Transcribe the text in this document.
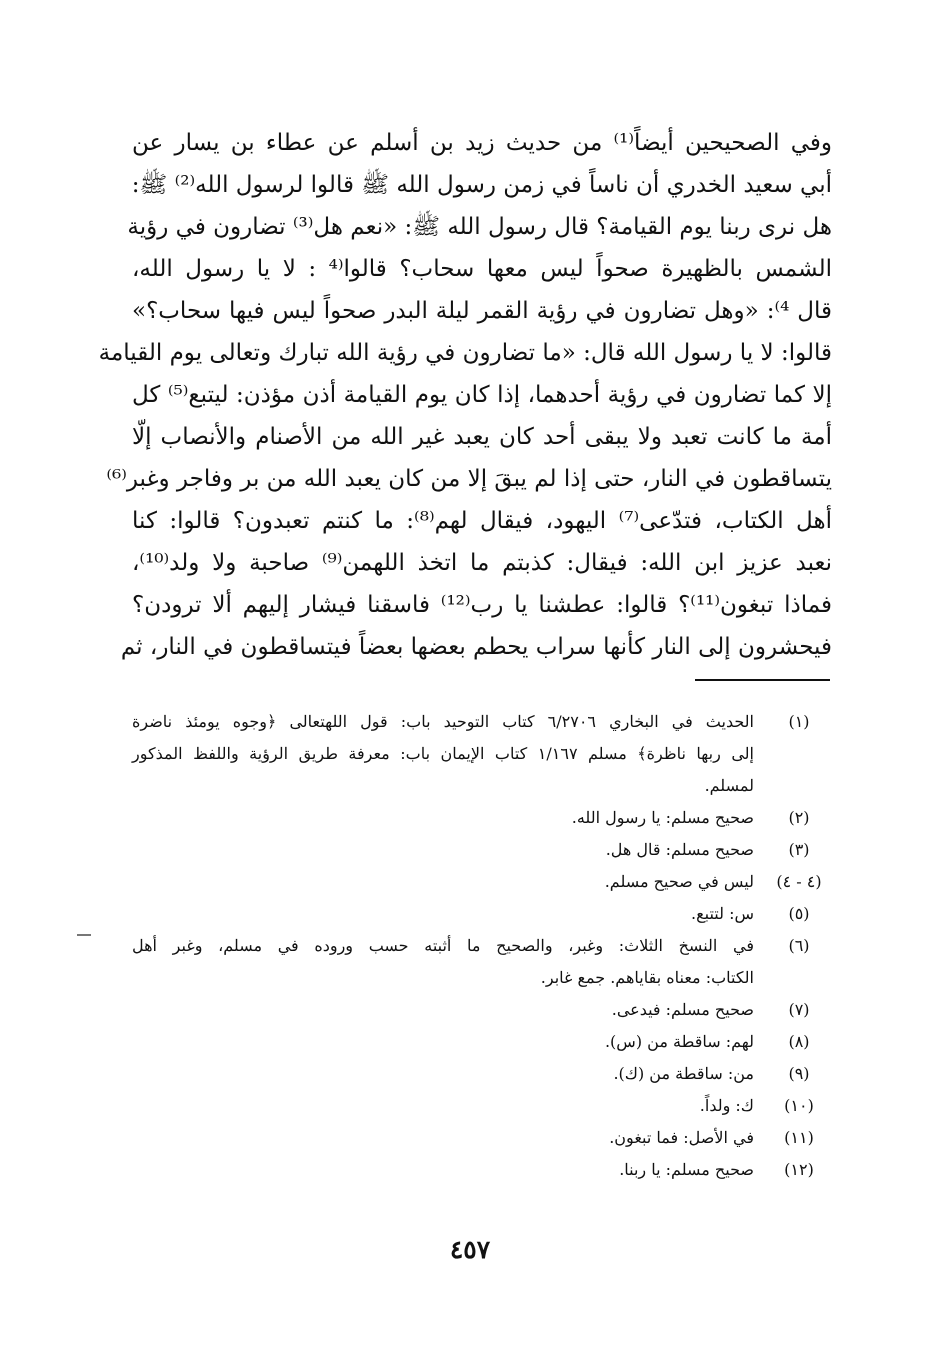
وفي الصحيحين أيضاً⁽¹⁾ من حديث زيد بن أسلم عن عطاء بن يسار عن
أبي سعيد الخدري أن ناساً في زمن رسول الله ﷺ قالوا لرسول الله⁽²⁾ ﷺ:
هل نرى ربنا يوم القيامة؟ قال رسول الله ﷺ: «نعم هل⁽³⁾ تضارون في رؤية
الشمس بالظهيرة صحواً ليس معها سحاب؟ قالوا⁽⁴ : لا يا رسول الله،
قال ⁴⁾: «وهل تضارون في رؤية القمر ليلة البدر صحواً ليس فيها سحاب؟»
قالوا: لا يا رسول الله قال: «ما تضارون في رؤية الله تبارك وتعالى يوم القيامة
إلا كما تضارون في رؤية أحدهما، إذا كان يوم القيامة أذن مؤذن: ليتبع⁽⁵⁾ كل
أمة ما كانت تعبد ولا يبقى أحد كان يعبد غير الله من الأصنام والأنصاب إلّا
يتساقطون في النار، حتى إذا لم يبقَ إلا من كان يعبد الله من بر وفاجر وغبر⁽⁶⁾
أهل الكتاب، فتدّعى⁽⁷⁾ اليهود، فيقال لهم⁽⁸⁾: ما كنتم تعبدون؟ قالوا: كنا
نعبد عزيز ابن الله: فيقال: كذبتم ما اتخذ اللهمن⁽⁹⁾ صاحبة ولا ولد⁽¹⁰⁾،
فماذا تبغون⁽¹¹⁾؟ قالوا: عطشنا يا رب⁽¹²⁾ فاسقنا فيشار إليهم ألا ترودن؟
فيحشرون إلى النار كأنها سراب يحطم بعضها بعضاً فيتساقطون في النار، ثم
(١)
الحديث في البخاري ٦/٢٧٠٦ كتاب التوحيد باب: قول اللهتعالى ﴿وجوه يومئذ ناضرة
إلى ربها ناظرة﴾ مسلم ١/١٦٧ كتاب الإيمان باب: معرفة طريق الرؤية واللفظ المذكور
لمسلم.
(٢)
صحيح مسلم: يا رسول الله.
(٣)
صحيح مسلم: قال هل.
(٤ - ٤)
ليس في صحيح مسلم.
(٥)
س: لتتبع.
(٦)
في النسخ الثلاث: وغبر، والصحيح ما أثبته حسب وروده في مسلم، وغبر أهل
الكتاب: معناه بقاياهم. جمع غابر.
(٧)
صحيح مسلم: فيدعى.
(٨)
لهم: ساقطة من (س).
(٩)
من: ساقطة من (ك).
(١٠)
ك: ولداً.
(١١)
في الأصل: فما تبغون.
(١٢)
صحيح مسلم: يا ربنا.
٤٥٧
